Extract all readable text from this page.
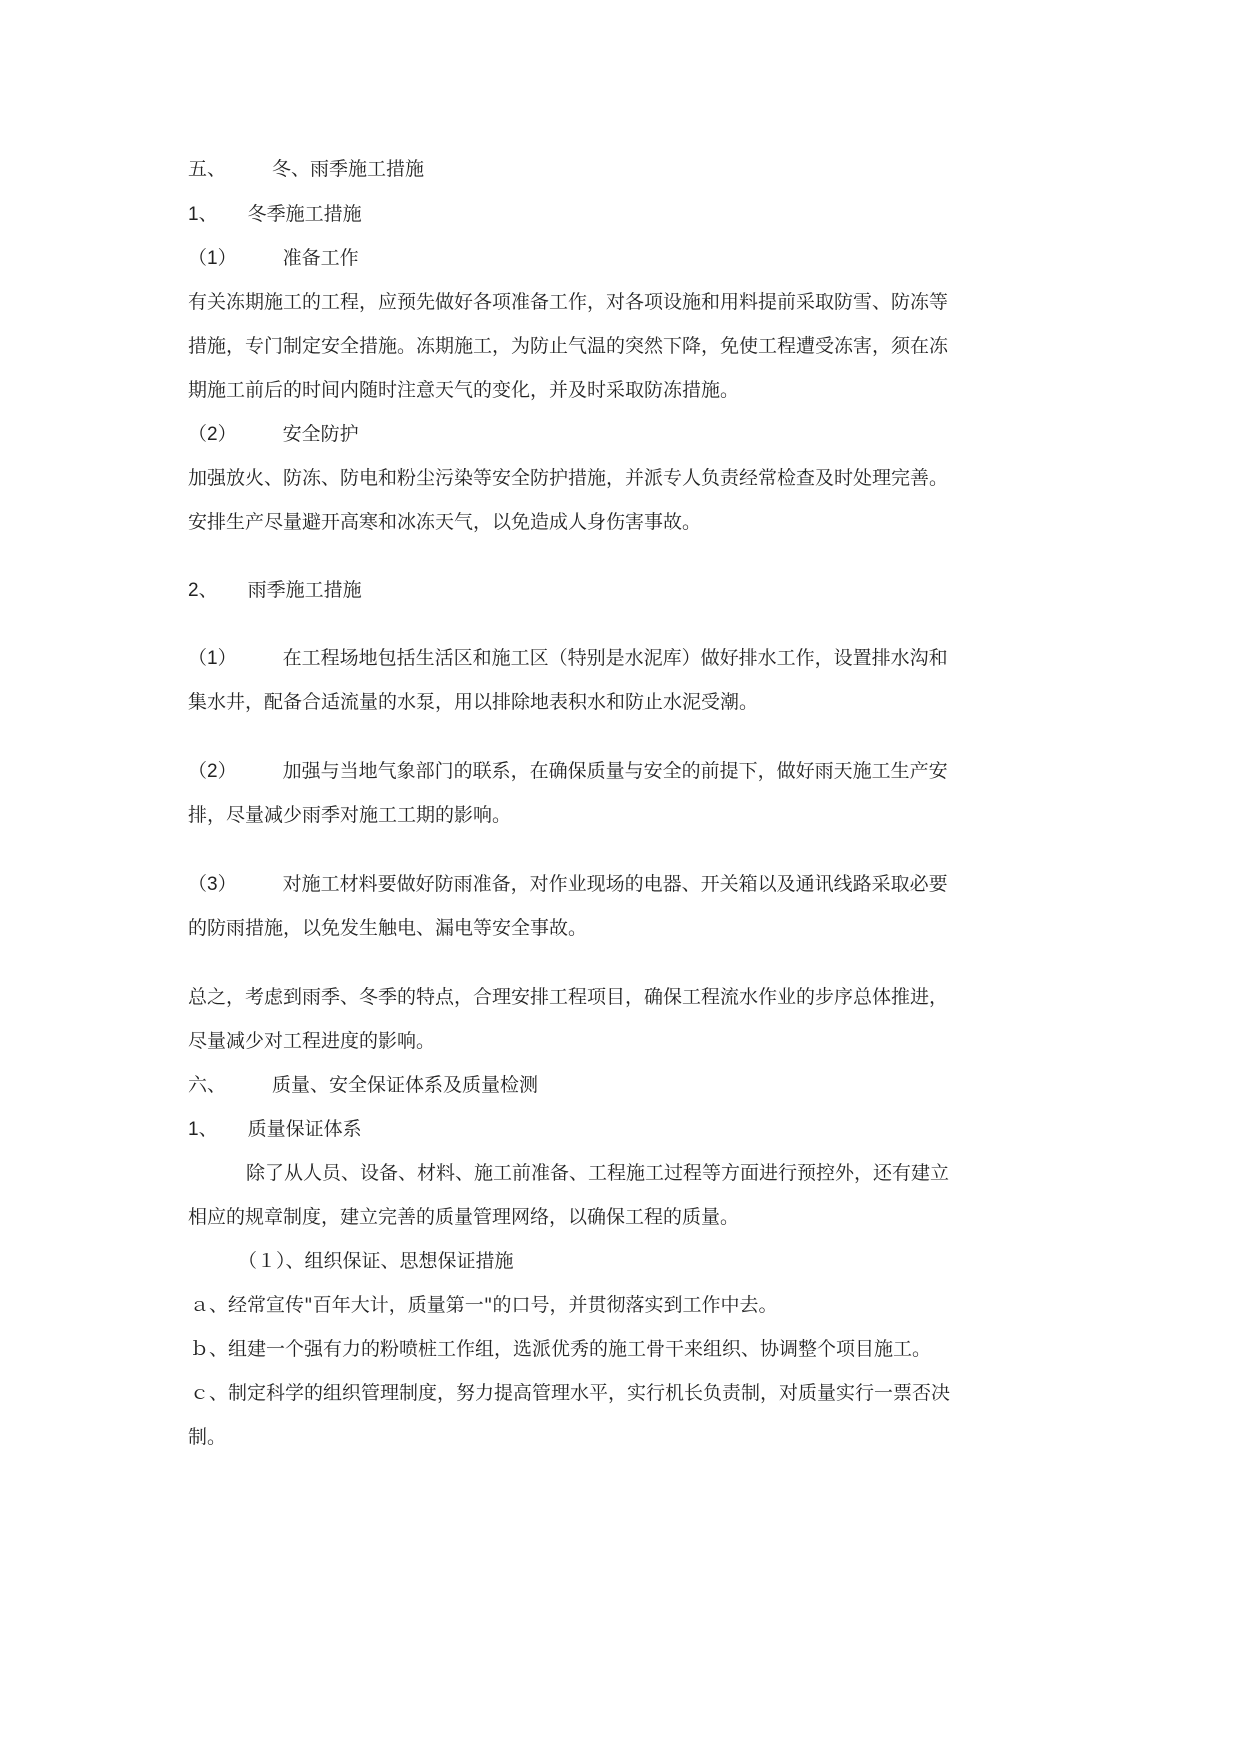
五、 冬、雨季施工措施
1、 冬季施工措施
（1） 准备工作
有关冻期施工的工程，应预先做好各项准备工作，对各项设施和用料提前采取防雪、防冻等
措施，专门制定安全措施。冻期施工，为防止气温的突然下降，免使工程遭受冻害，须在冻
期施工前后的时间内随时注意天气的变化，并及时采取防冻措施。
（2） 安全防护
加强放火、防冻、防电和粉尘污染等安全防护措施，并派专人负责经常检查及时处理完善。
安排生产尽量避开高寒和冰冻天气，以免造成人身伤害事故。
2、 雨季施工措施
（1） 在工程场地包括生活区和施工区（特别是水泥库）做好排水工作，设置排水沟和
集水井，配备合适流量的水泵，用以排除地表积水和防止水泥受潮。
（2） 加强与当地气象部门的联系，在确保质量与安全的前提下，做好雨天施工生产安
排，尽量减少雨季对施工工期的影响。
（3） 对施工材料要做好防雨准备，对作业现场的电器、开关箱以及通讯线路采取必要
的防雨措施，以免发生触电、漏电等安全事故。
总之，考虑到雨季、冬季的特点，合理安排工程项目，确保工程流水作业的步序总体推进，
尽量减少对工程进度的影响。
六、 质量、安全保证体系及质量检测
1、 质量保证体系
除了从人员、设备、材料、施工前准备、工程施工过程等方面进行预控外，还有建立
相应的规章制度，建立完善的质量管理网络，以确保工程的质量。
（１）、组织保证、思想保证措施
ａ、经常宣传"百年大计，质量第一"的口号，并贯彻落实到工作中去。
ｂ、组建一个强有力的粉喷桩工作组，选派优秀的施工骨干来组织、协调整个项目施工。
ｃ、制定科学的组织管理制度，努力提高管理水平，实行机长负责制，对质量实行一票否决
制。
